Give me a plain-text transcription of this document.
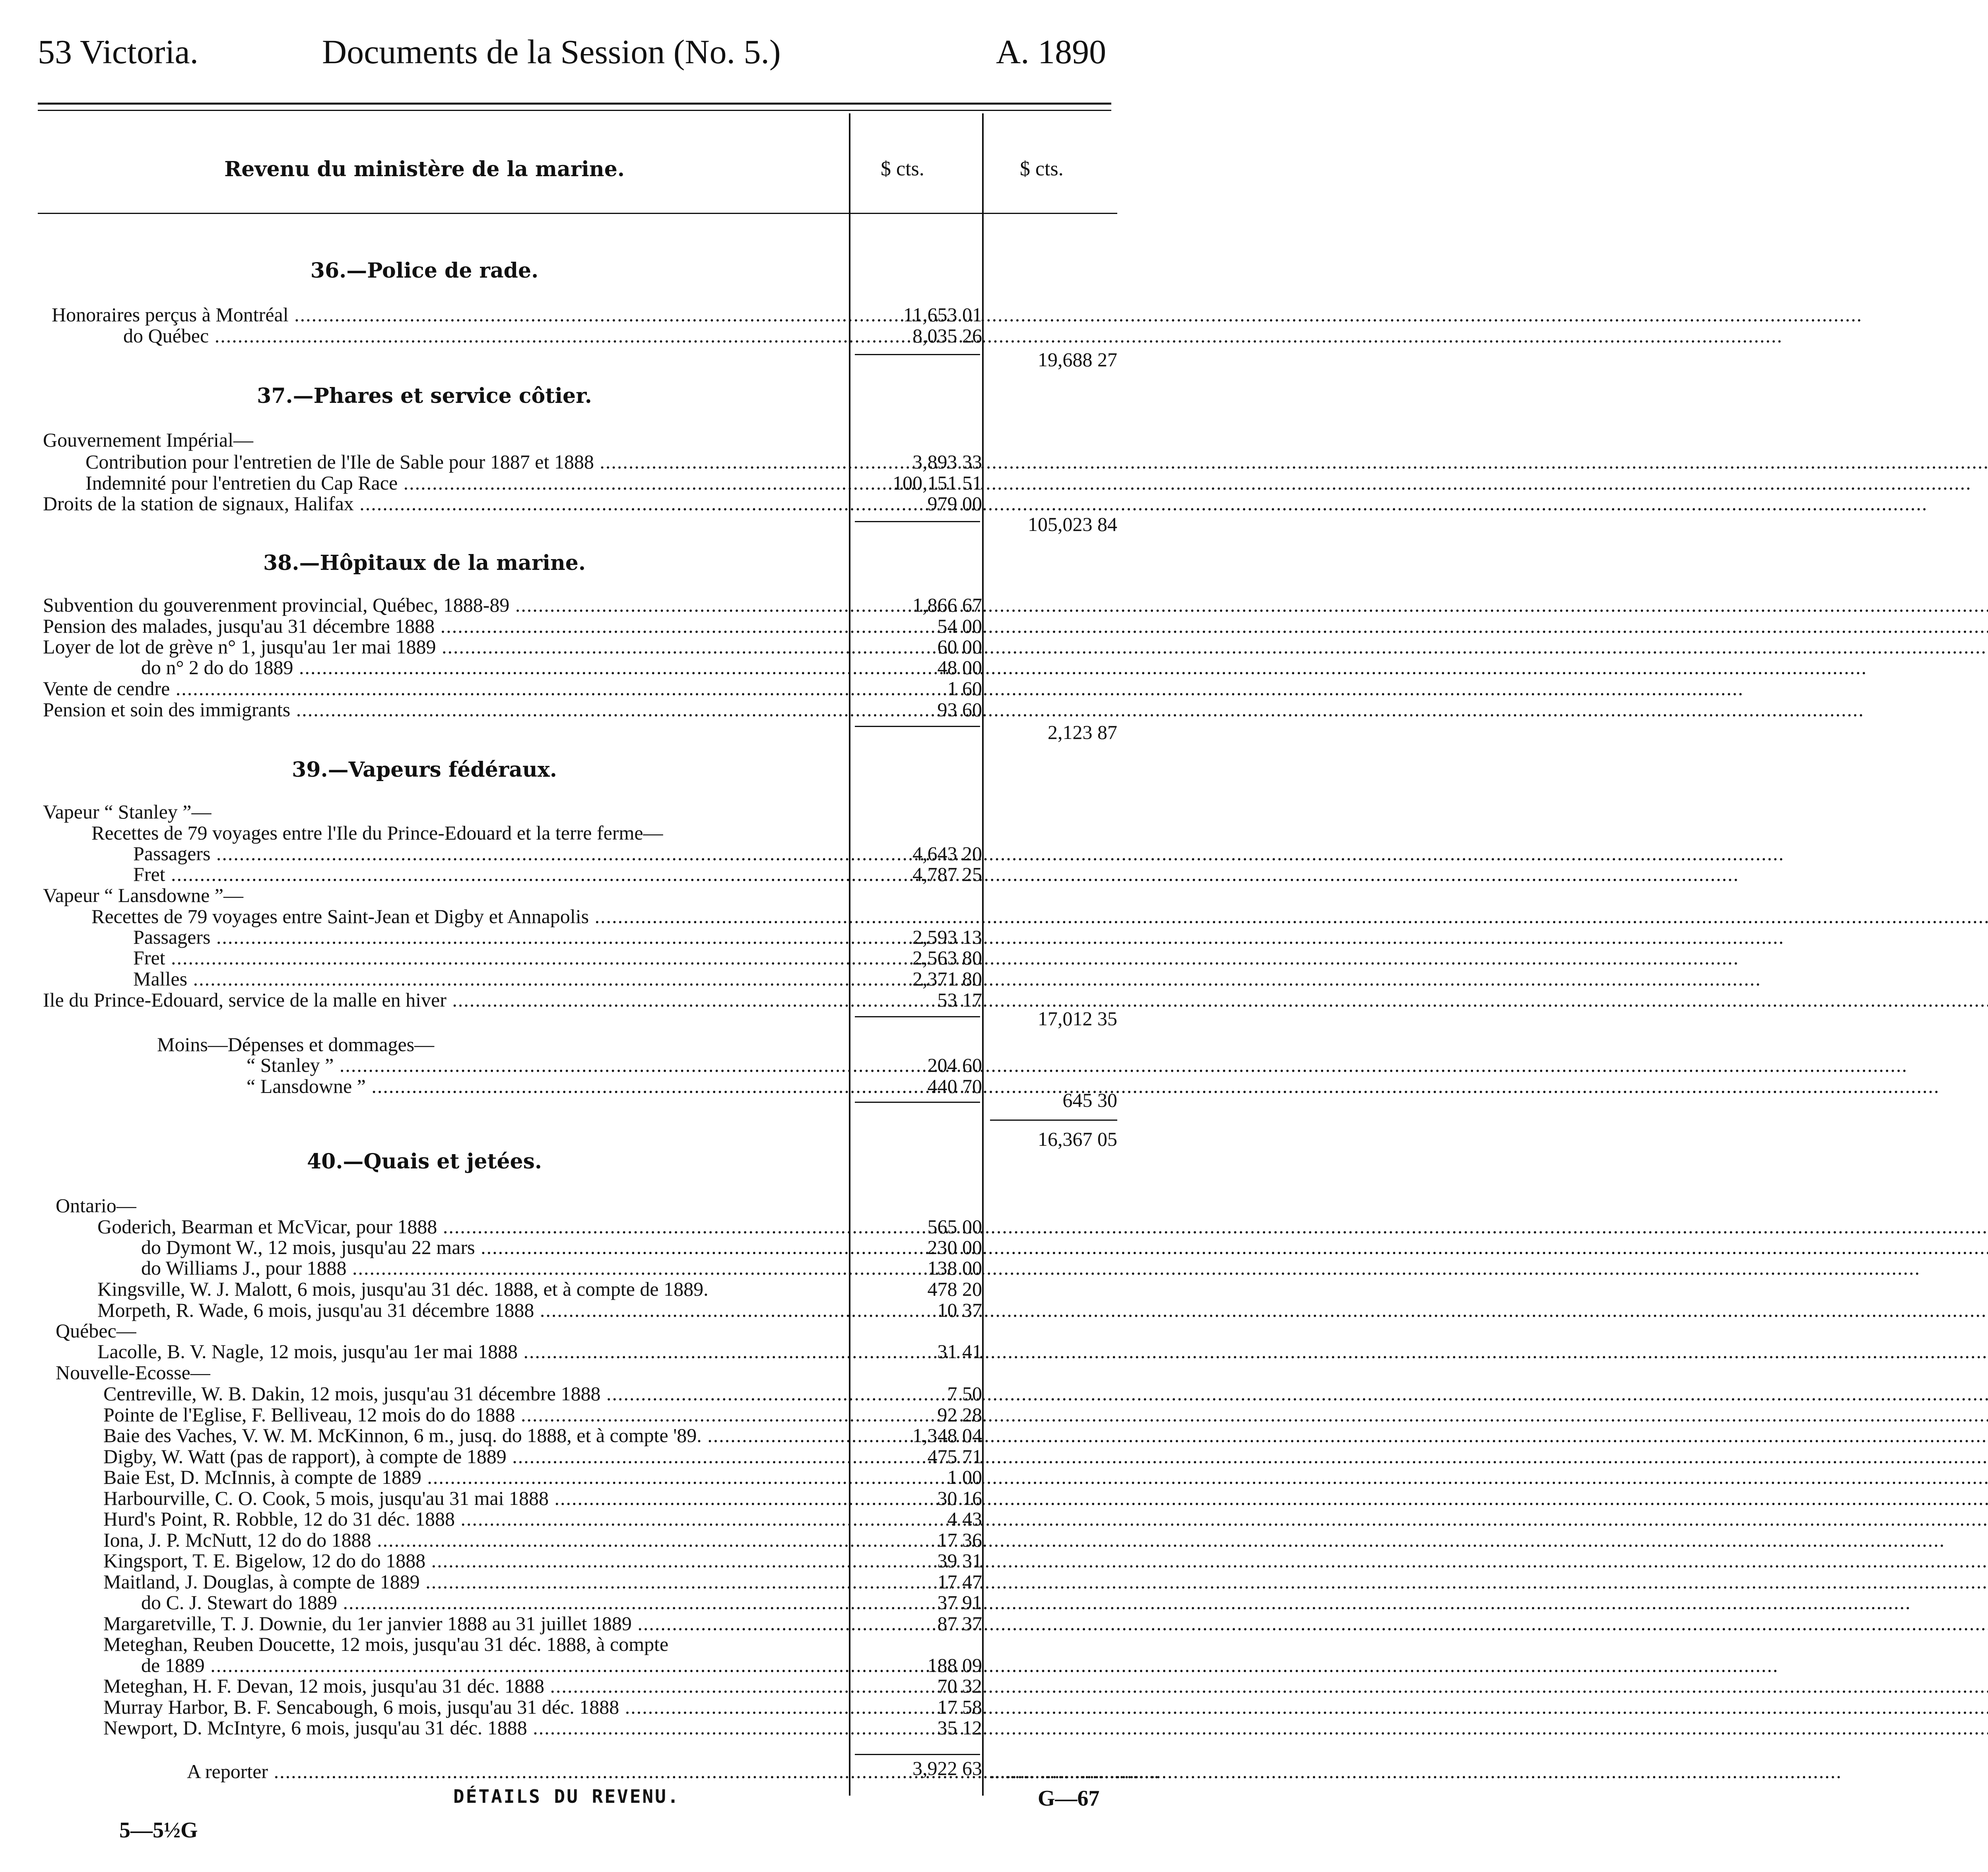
53 Victoria.	Documents de la Session (No. 5.)	A. 1890
Revenu du ministère de la marine.	$ cts.	$ cts.
36.—Police de rade.
Honoraires perçus à Montréal .....	11,653 01
do Québec .....	8,035 26
19,688 27
37.—Phares et service côtier.
Gouvernement Impérial—
Contribution pour l'entretien de l'Ile de Sable pour 1887 et 1888 .....	3,893 33
Indemnité pour l'entretien du Cap Race .....	100,151 51
Droits de la station de signaux, Halifax .....	979 00
105,023 84
38.—Hôpitaux de la marine.
Subvention du gouverenment provincial, Québec, 1888-89 .....	1,866 67
Pension des malades, jusqu'au 31 décembre 1888 .....	54 00
Loyer de lot de grève n° 1, jusqu'au 1er mai 1889 .....	60 00
do n° 2 do do 1889 .....	48 00
Vente de cendre .....	1 60
Pension et soin des immigrants .....	93 60
2,123 87
39.—Vapeurs fédéraux.
Vapeur “ Stanley ”—
Recettes de 79 voyages entre l'Ile du Prince-Edouard et la terre ferme—
Passagers .....	4,643 20
Fret .....	4,787 25
Vapeur “ Lansdowne ”—
Recettes de 79 voyages entre Saint-Jean et Digby et Annapolis .....
Passagers .....	2,593 13
Fret .....	2,563 80
Malles .....	2,371 80
Ile du Prince-Edouard, service de la malle en hiver .....	53 17
17,012 35
Moins—Dépenses et dommages—
“ Stanley ” .....	204 60
“ Lansdowne ” .....	440 70
645 30
16,367 05
40.—Quais et jetées.
Ontario—
Goderich, Bearman et McVicar, pour 1888 .....	565 00
do Dymont W., 12 mois, jusqu'au 22 mars .....	230 00
do Williams J., pour 1888 .....	138 00
Kingsville, W. J. Malott, 6 mois, jusqu'au 31 déc. 1888, et à compte de 1889.	478 20
Morpeth, R. Wade, 6 mois, jusqu'au 31 décembre 1888 .....	10 37
Québec—
Lacolle, B. V. Nagle, 12 mois, jusqu'au 1er mai 1888 .....	31 41
Nouvelle-Ecosse—
Centreville, W. B. Dakin, 12 mois, jusqu'au 31 décembre 1888 .....	7 50
Pointe de l'Eglise, F. Belliveau, 12 mois do do 1888 .....	92 28
Baie des Vaches, V. W. M. McKinnon, 6 m., jusq. do 1888, et à compte '89. .....	1,348 04
Digby, W. Watt (pas de rapport), à compte de 1889 .....	475 71
Baie Est, D. McInnis, à compte de 1889 .....	1 00
Harbourville, C. O. Cook, 5 mois, jusqu'au 31 mai 1888 .....	30 16
Hurd's Point, R. Robble, 12 do 31 déc. 1888 .....	4 43
Iona, J. P. McNutt, 12 do do 1888 .....	17 36
Kingsport, T. E. Bigelow, 12 do do 1888 .....	39 31
Maitland, J. Douglas, à compte de 1889 .....	17 47
do C. J. Stewart do 1889 .....	37 91
Margaretville, T. J. Downie, du 1er janvier 1888 au 31 juillet 1889 .....	87 37
Meteghan, Reuben Doucette, 12 mois, jusqu'au 31 déc. 1888, à compte
de 1889 .....	188 09
Meteghan, H. F. Devan, 12 mois, jusqu'au 31 déc. 1888 .....	70 32
Murray Harbor, B. F. Sencabough, 6 mois, jusqu'au 31 déc. 1888 .....	17 58
Newport, D. McIntyre, 6 mois, jusqu'au 31 déc. 1888 .....	35 12
A reporter .....	3,922 63 ..................................
5—5½G
DÉTAILS DU REVENU.	G—67
